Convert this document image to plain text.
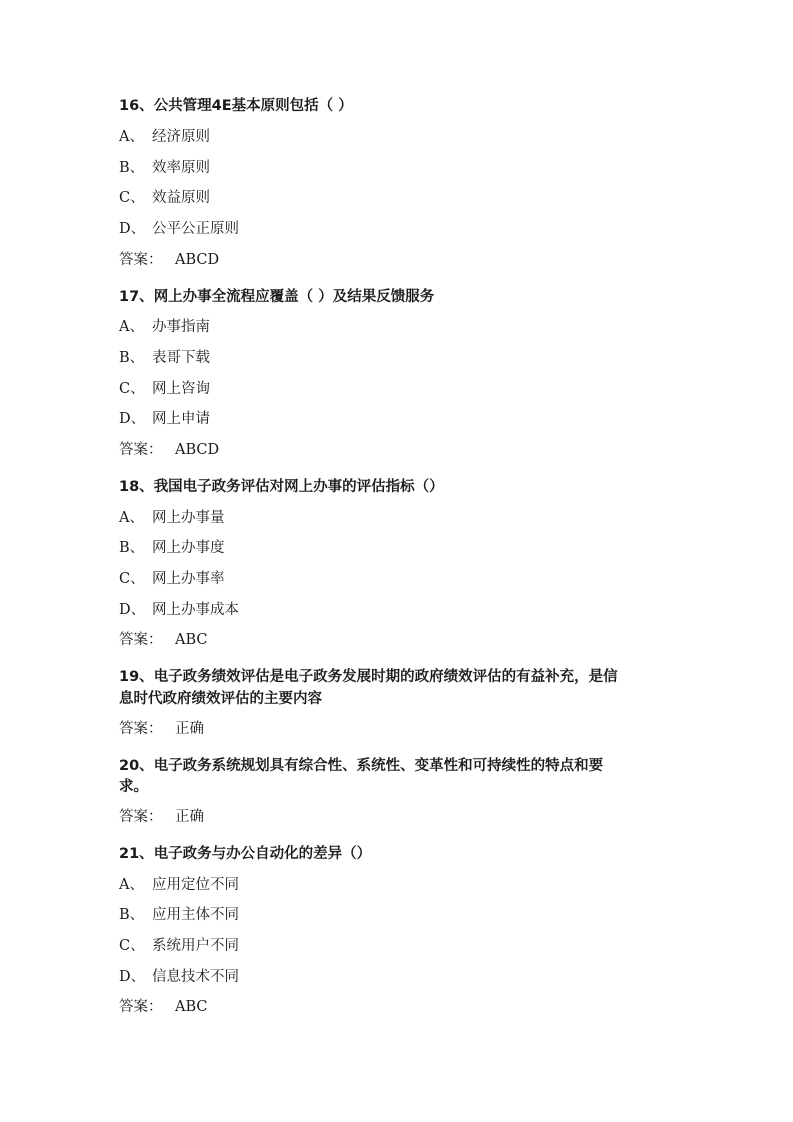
16、公共管理4E基本原则包括（ ）
A、 经济原则
B、 效率原则
C、 效益原则
D、 公平公正原则
答案： ABCD
17、网上办事全流程应覆盖（ ）及结果反馈服务
A、 办事指南
B、 表哥下载
C、 网上咨询
D、 网上申请
答案： ABCD
18、我国电子政务评估对网上办事的评估指标（）
A、 网上办事量
B、 网上办事度
C、 网上办事率
D、 网上办事成本
答案： ABC
19、电子政务绩效评估是电子政务发展时期的政府绩效评估的有益补充，是信
息时代政府绩效评估的主要内容
答案： 正确
20、电子政务系统规划具有综合性、系统性、变革性和可持续性的特点和要
求。
答案： 正确
21、电子政务与办公自动化的差异（）
A、 应用定位不同
B、 应用主体不同
C、 系统用户不同
D、 信息技术不同
答案： ABC
